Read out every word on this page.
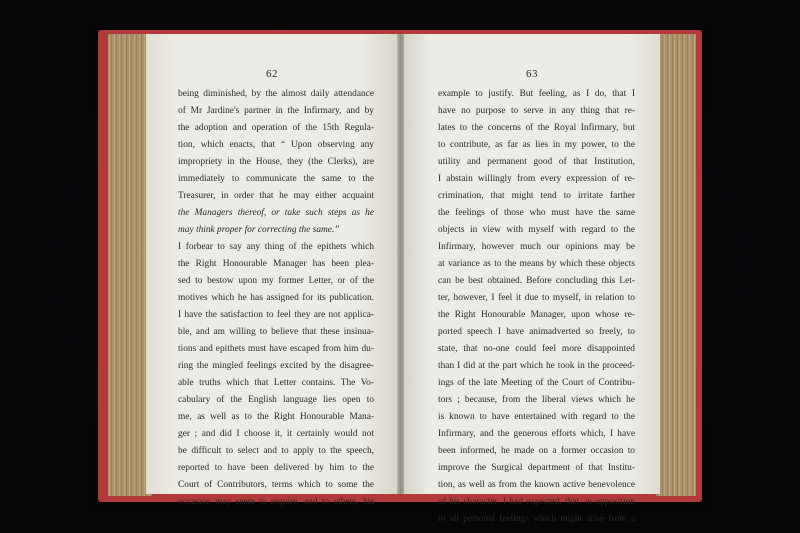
62
being diminished, by the almost daily attendance
of Mr Jardine's partner in the Infirmary, and by
the adoption and operation of the 15th Regula-
tion, which enacts, that “ Upon observing any
impropriety in the House, they (the Clerks), are
immediately to communicate the same to the
Treasurer, in order that he may either acquaint
the Managers thereof, or take such steps as he
may think proper for correcting the same.”
I forbear to say any thing of the epithets which
the Right Honourable Manager has been plea-
sed to bestow upon my former Letter, or of the
motives which he has assigned for its publication.
I have the satisfaction to feel they are not applica-
ble, and am willing to believe that these insinua-
tions and epithets must have escaped from him du-
ring the mingled feelings excited by the disagree-
able truths which that Letter contains. The Vo-
cabulary of the English language lies open to
me, as well as to the Right Honourable Mana-
ger ; and did I choose it, it certainly would not
be difficult to select and to apply to the speech,
reported to have been delivered by him to the
Court of Contributors, terms which to some the
occasion may seem to require, and to others, his
63
example to justify. But feeling, as I do, that I
have no purpose to serve in any thing that re-
lates to the concerns of the Royal Infirmary, but
to contribute, as far as lies in my power, to the
utility and permanent good of that Institution,
I abstain willingly from every expression of re-
crimination, that might tend to irritate farther
the feelings of those who must have the same
objects in view with myself with regard to the
Infirmary, however much our opinions may be
at variance as to the means by which these objects
can be best obtained. Before concluding this Let-
ter, however, I feel it due to myself, in relation to
the Right Honourable Manager, upon whose re-
ported speech I have animadverted so freely, to
state, that no-one could feel more disappointed
than I did at the part which he took in the proceed-
ings of the late Meeting of the Court of Contribu-
tors ; because, from the liberal views which he
is known to have entertained with regard to the
Infirmary, and the generous efforts which, I have
been informed, he made on a former occasion to
improve the Surgical department of that Institu-
tion, as well as from the known active benevolence
of his character, I had expected, that, in opposition
to all personal feelings which might arise from a
